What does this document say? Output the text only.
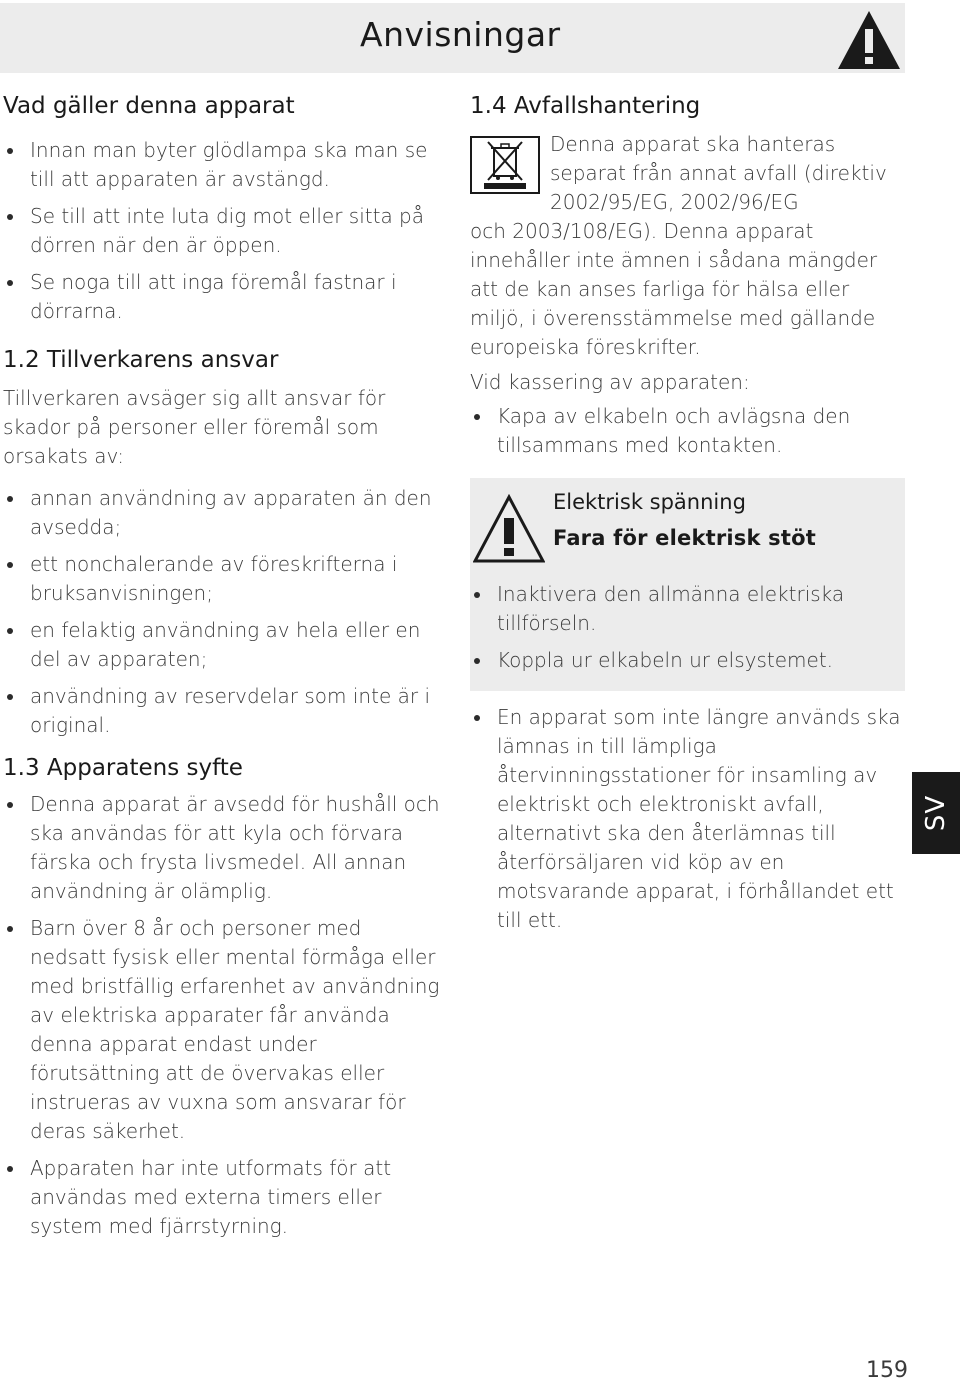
Anvisningar
Vad gäller denna apparat
Innan man byter glödlampa ska man se till att apparaten är avstängd.
Se till att inte luta dig mot eller sitta på dörren när den är öppen.
Se noga till att inga föremål fastnar i dörrarna.
1.2 Tillverkarens ansvar

Tillverkaren avsäger sig allt ansvar för skador på personer eller föremål som orsakats av:

annan användning av apparaten än den avsedda;
ett nonchalerande av föreskrifterna i bruksanvisningen;
en felaktig användning av hela eller en del av apparaten;
användning av reservdelar som inte är i original.
1.3 Apparatens syfte
Denna apparat är avsedd för hushåll och ska användas för att kyla och förvara färska och frysta livsmedel. All annan användning är olämplig.
Barn över 8 år och personer med nedsatt fysisk eller mental förmåga eller med bristfällig erfarenhet av användning av elektriska apparater får använda denna apparat endast under förutsättning att de övervakas eller instrueras av vuxna som ansvarar för deras säkerhet.
Apparaten har inte utformats för att användas med externa timers eller system med fjärrstyrning.
1.4 Avfallshantering

Denna apparat ska hanteras separat från annat avfall (direktiv 2002/95/EG, 2002/96/EG

och 2003/108/EG). Denna apparat innehåller inte ämnen i sådana mängder att de kan anses farliga för hälsa eller miljö, i överensstämmelse med gällande europeiska föreskrifter.

Vid kassering av apparaten:

Kapa av elkabeln och avlägsna den tillsammans med kontakten.
Elektrisk spänning
Fara för elektrisk stöt
Inaktivera den allmänna elektriska tillförseln.
Koppla ur elkabeln ur elsystemet.
En apparat som inte längre används ska lämnas in till lämpliga återvinningsstationer för insamling av elektriskt och elektroniskt avfall, alternativt ska den återlämnas till återförsäljaren vid köp av en motsvarande apparat, i förhållandet ett till ett.
SV
159
